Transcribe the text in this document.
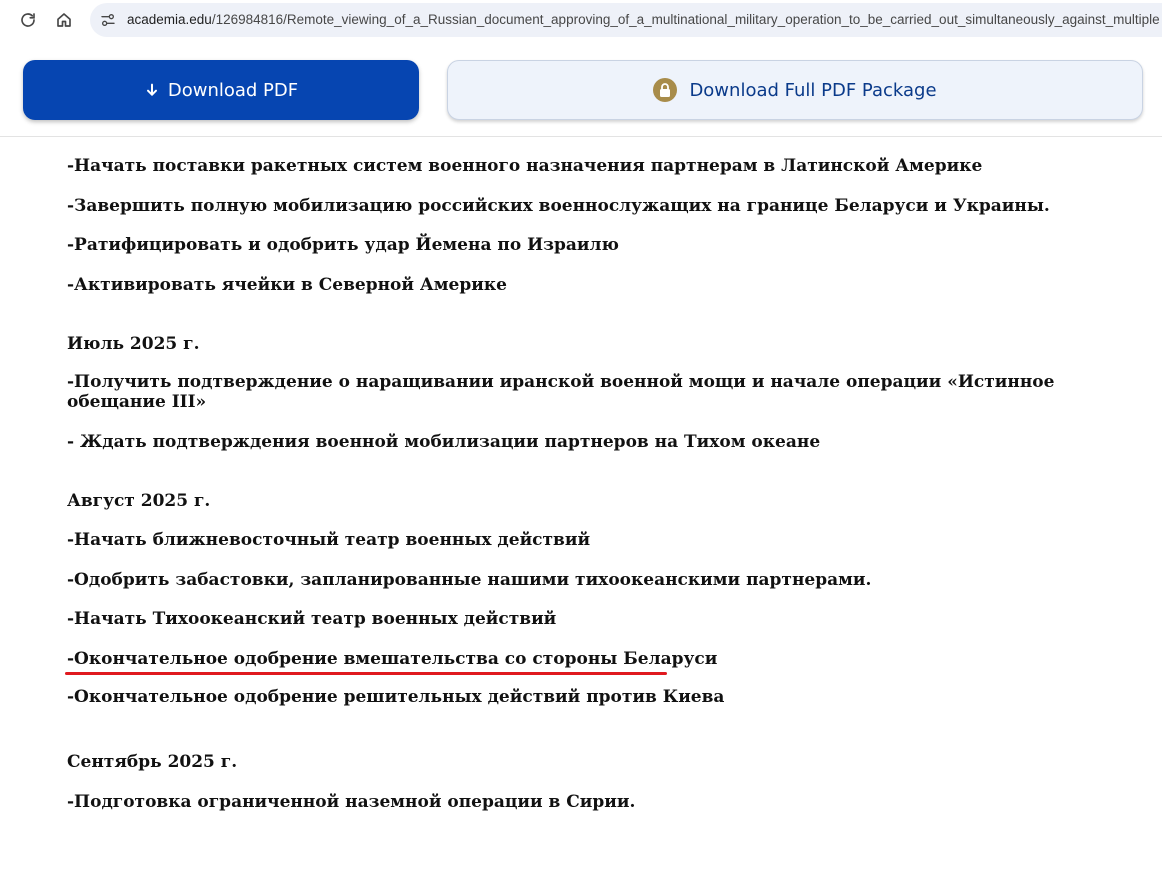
academia.edu/126984816/Remote_viewing_of_a_Russian_document_approving_of_a_multinational_military_operation_to_be_carried_out_simultaneously_against_multiple
Download PDF	Download Full PDF Package
-Начать поставки ракетных систем военного назначения партнерам в Латинской Америке
-Завершить полную мобилизацию российских военнослужащих на границе Беларуси и Украины.
-Ратифицировать и одобрить удар Йемена по Израилю
-Активировать ячейки в Северной Америке
Июль 2025 г.
-Получить подтверждение о наращивании иранской военной мощи и начале операции «Истинное обещание III»
- Ждать подтверждения военной мобилизации партнеров на Тихом океане
Август 2025 г.
-Начать ближневосточный театр военных действий
-Одобрить забастовки, запланированные нашими тихоокеанскими партнерами.
-Начать Тихоокеанский театр военных действий
-Окончательное одобрение вмешательства со стороны Беларуси
-Окончательное одобрение решительных действий против Киева
Сентябрь 2025 г.
-Подготовка ограниченной наземной операции в Сирии.
